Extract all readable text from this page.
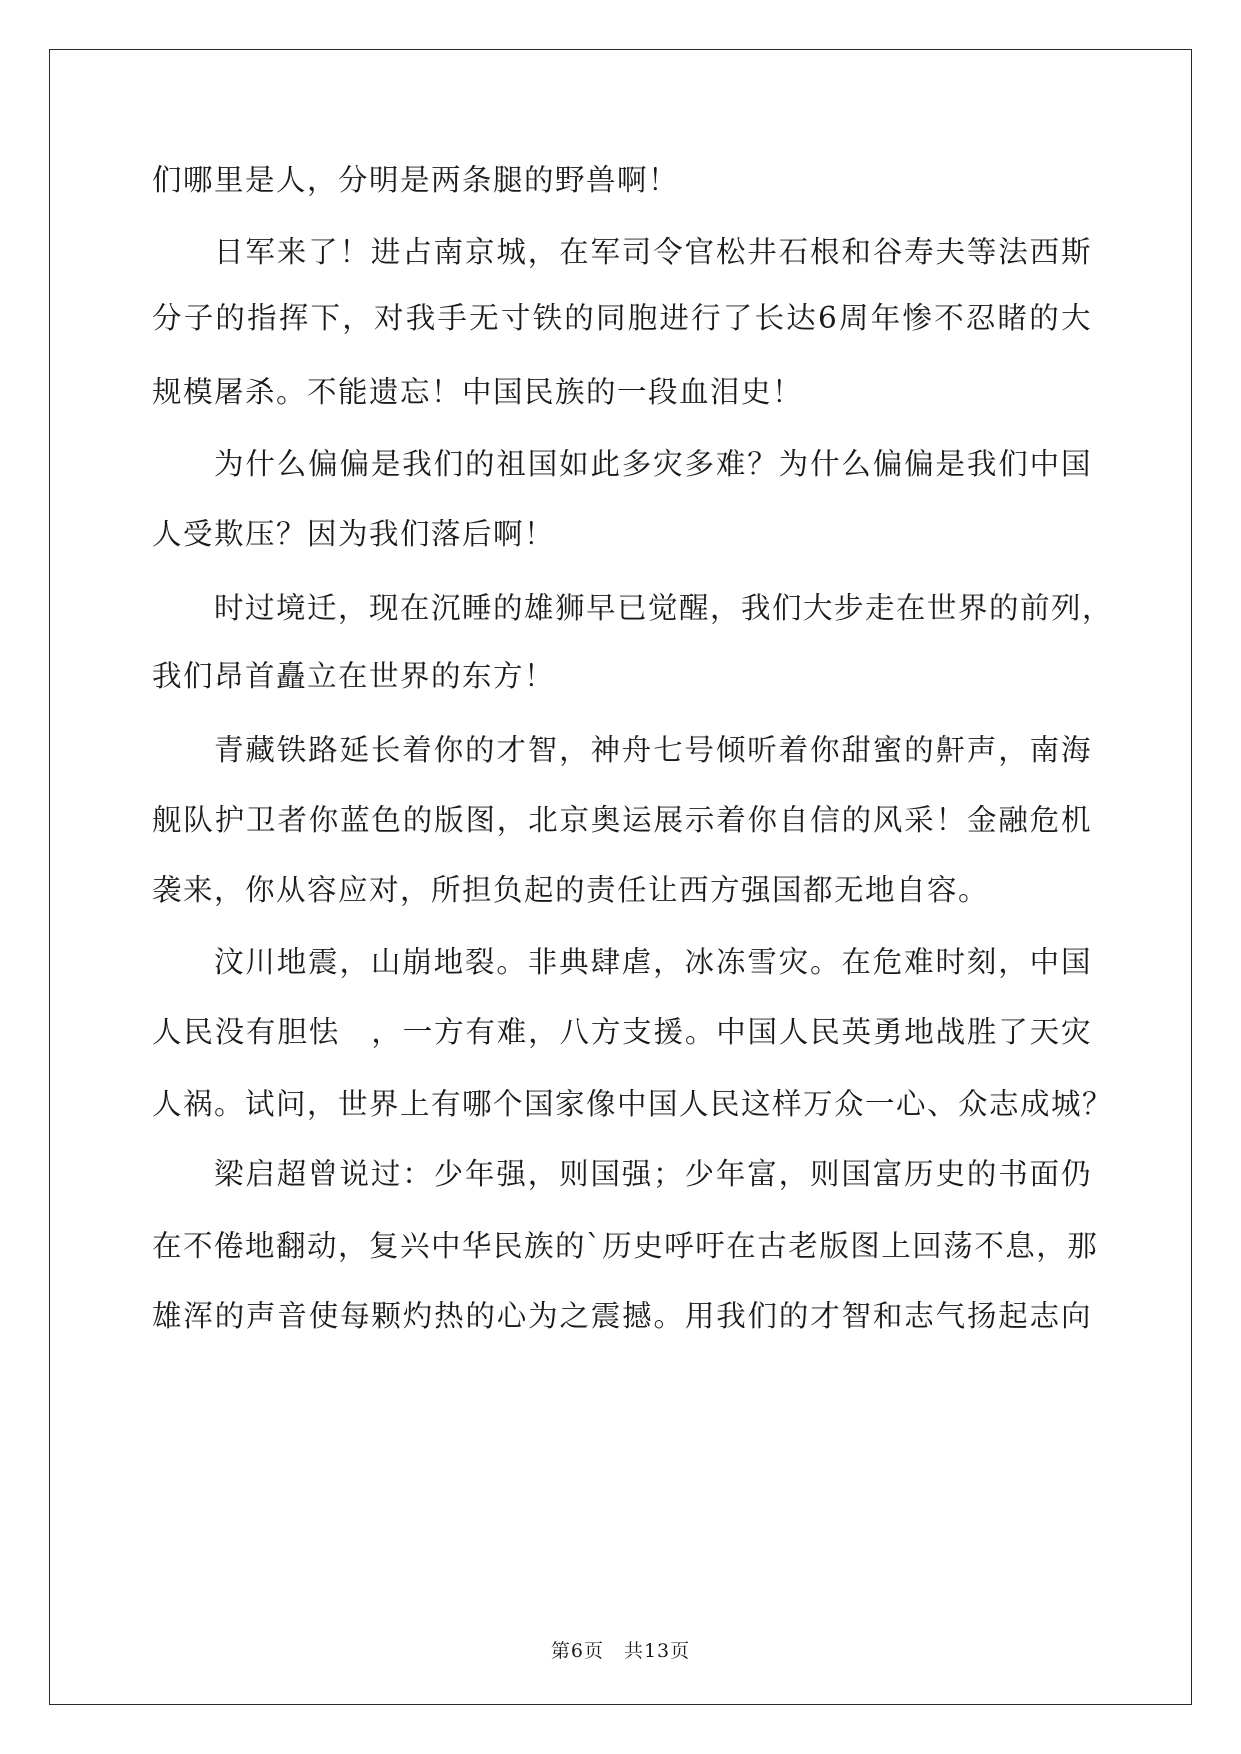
们哪里是人，分明是两条腿的野兽啊！
日军来了！进占南京城，在军司令官松井石根和谷寿夫等法西斯
分子的指挥下，对我手无寸铁的同胞进行了长达6周年惨不忍睹的大
规模屠杀。不能遗忘！中国民族的一段血泪史！
为什么偏偏是我们的祖国如此多灾多难？为什么偏偏是我们中国
人受欺压？因为我们落后啊！
时过境迁，现在沉睡的雄狮早已觉醒，我们大步走在世界的前列，
我们昂首矗立在世界的东方！
青藏铁路延长着你的才智，神舟七号倾听着你甜蜜的鼾声，南海
舰队护卫者你蓝色的版图，北京奥运展示着你自信的风采！金融危机
袭来，你从容应对，所担负起的责任让西方强国都无地自容。
汶川地震，山崩地裂。非典肆虐，冰冻雪灾。在危难时刻，中国
人民没有胆怯　，一方有难，八方支援。中国人民英勇地战胜了天灾
人祸。试问，世界上有哪个国家像中国人民这样万众一心、众志成城？
梁启超曾说过：少年强，则国强；少年富，则国富历史的书面仍
在不倦地翻动，复兴中华民族的`历史呼吁在古老版图上回荡不息，那
雄浑的声音使每颗灼热的心为之震撼。用我们的才智和志气扬起志向
第6页　共13页
